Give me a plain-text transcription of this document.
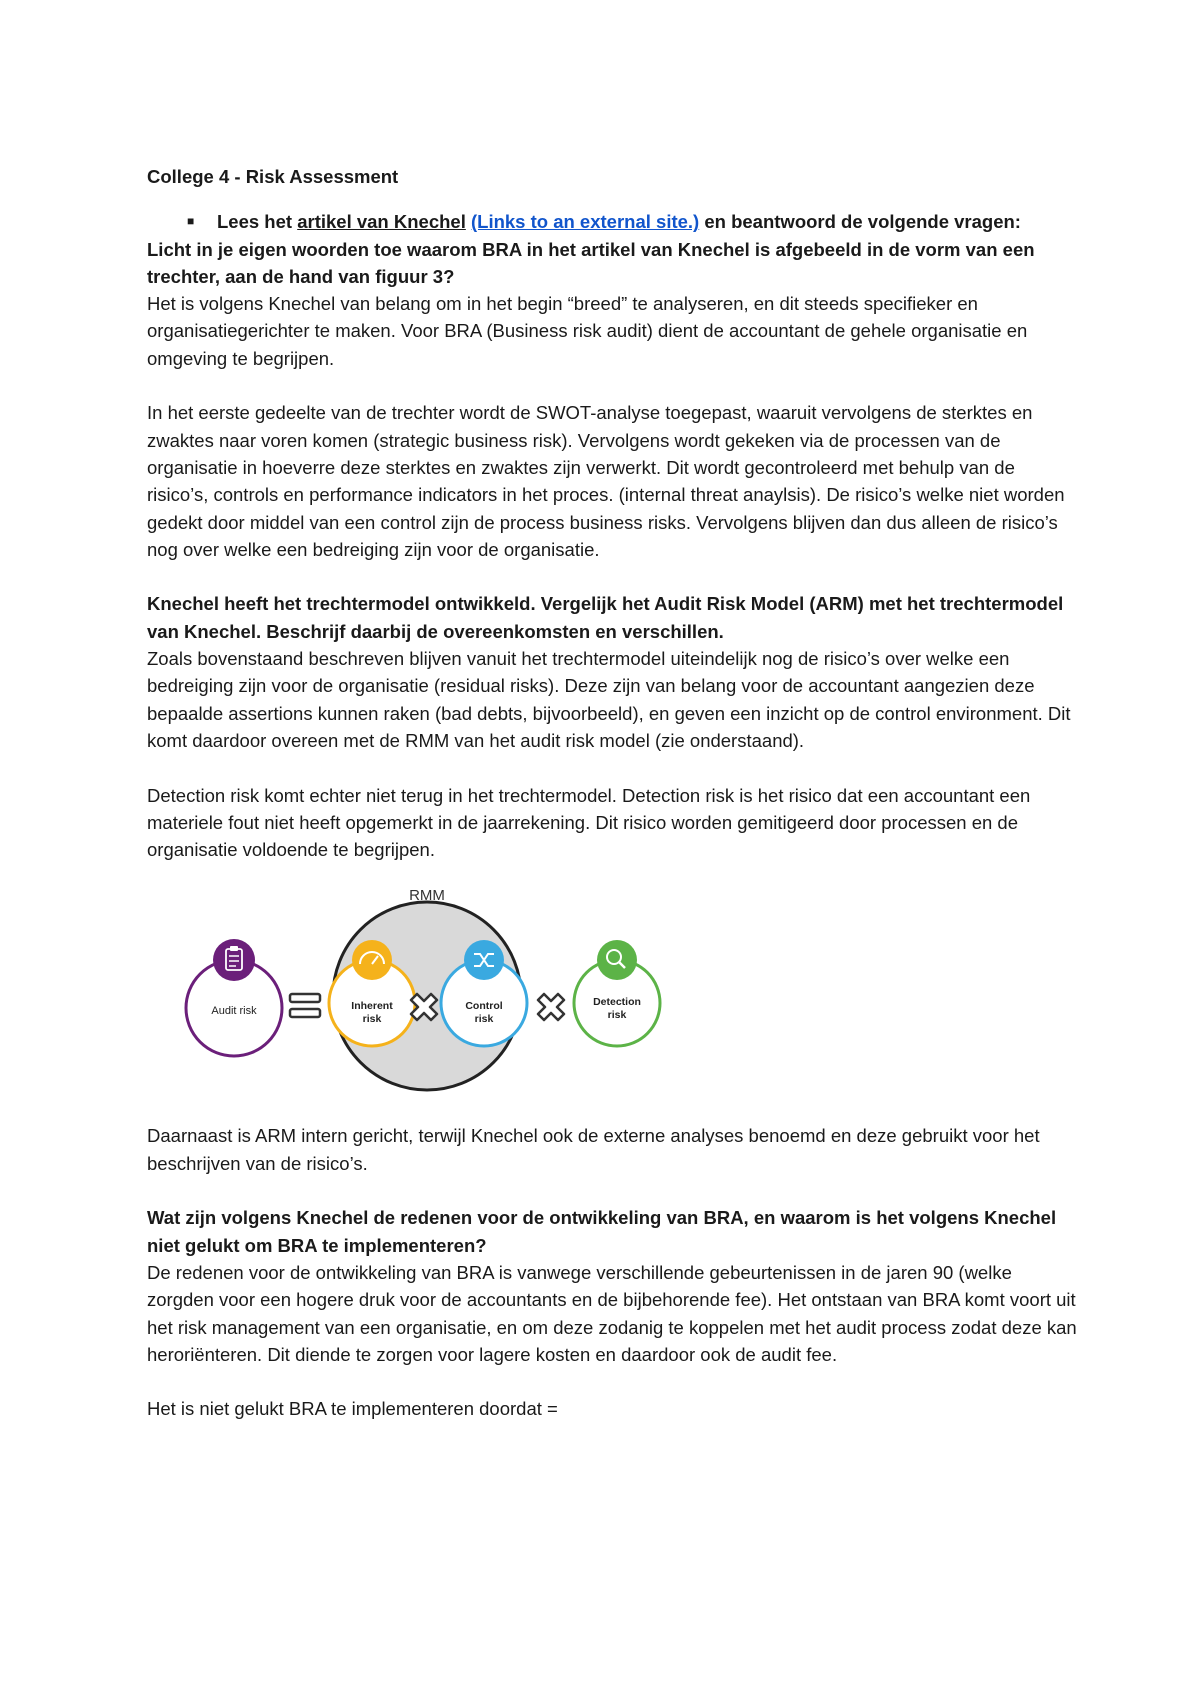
College 4 - Risk Assessment

■	Lees het artikel van Knechel (Links to an external site.) en beantwoord de volgende vragen:

Licht in je eigen woorden toe waarom BRA in het artikel van Knechel is afgebeeld in de vorm van een trechter, aan de hand van figuur 3?

Het is volgens Knechel van belang om in het begin “breed” te analyseren, en dit steeds specifieker en organisatiegerichter te maken. Voor BRA (Business risk audit) dient de accountant de gehele organisatie en omgeving te begrijpen.

In het eerste gedeelte van de trechter wordt de SWOT-analyse toegepast, waaruit vervolgens de sterktes en zwaktes naar voren komen (strategic business risk). Vervolgens wordt gekeken via de processen van de organisatie in hoeverre deze sterktes en zwaktes zijn verwerkt. Dit wordt gecontroleerd met behulp van de risico’s, controls en performance indicators in het proces. (internal threat anaylsis). De risico’s welke niet worden gedekt door middel van een control zijn de process business risks. Vervolgens blijven dan dus alleen de risico’s nog over welke een bedreiging zijn voor de organisatie.

Knechel heeft het trechtermodel ontwikkeld. Vergelijk het Audit Risk Model (ARM) met het trechtermodel van Knechel. Beschrijf daarbij de overeenkomsten en verschillen.

Zoals bovenstaand beschreven blijven vanuit het trechtermodel uiteindelijk nog de risico’s over welke een bedreiging zijn voor de organisatie (residual risks). Deze zijn van belang voor de accountant aangezien deze bepaalde assertions kunnen raken (bad debts, bijvoorbeeld), en geven een inzicht op de control environment. Dit komt daardoor overeen met de RMM van het audit risk model (zie onderstaand).

Detection risk komt echter niet terug in het trechtermodel. Detection risk is het risico dat een accountant een materiele fout niet heeft opgemerkt in de jaarrekening. Dit risico worden gemitigeerd door processen en de organisatie voldoende te begrijpen.

RMM
Audit risk	Inherent
risk
Control
risk
Detection
risk

Daarnaast is ARM intern gericht, terwijl Knechel ook de externe analyses benoemd en deze gebruikt voor het beschrijven van de risico’s.

Wat zijn volgens Knechel de redenen voor de ontwikkeling van BRA, en waarom is het volgens Knechel niet gelukt om BRA te implementeren?

De redenen voor de ontwikkeling van BRA is vanwege verschillende gebeurtenissen in de jaren 90 (welke zorgden voor een hogere druk voor de accountants en de bijbehorende fee). Het ontstaan van BRA komt voort uit het risk management van een organisatie, en om deze zodanig te koppelen met het audit process zodat deze kan heroriënteren. Dit diende te zorgen voor lagere kosten en daardoor ook de audit fee.

Het is niet gelukt BRA te implementeren doordat =
